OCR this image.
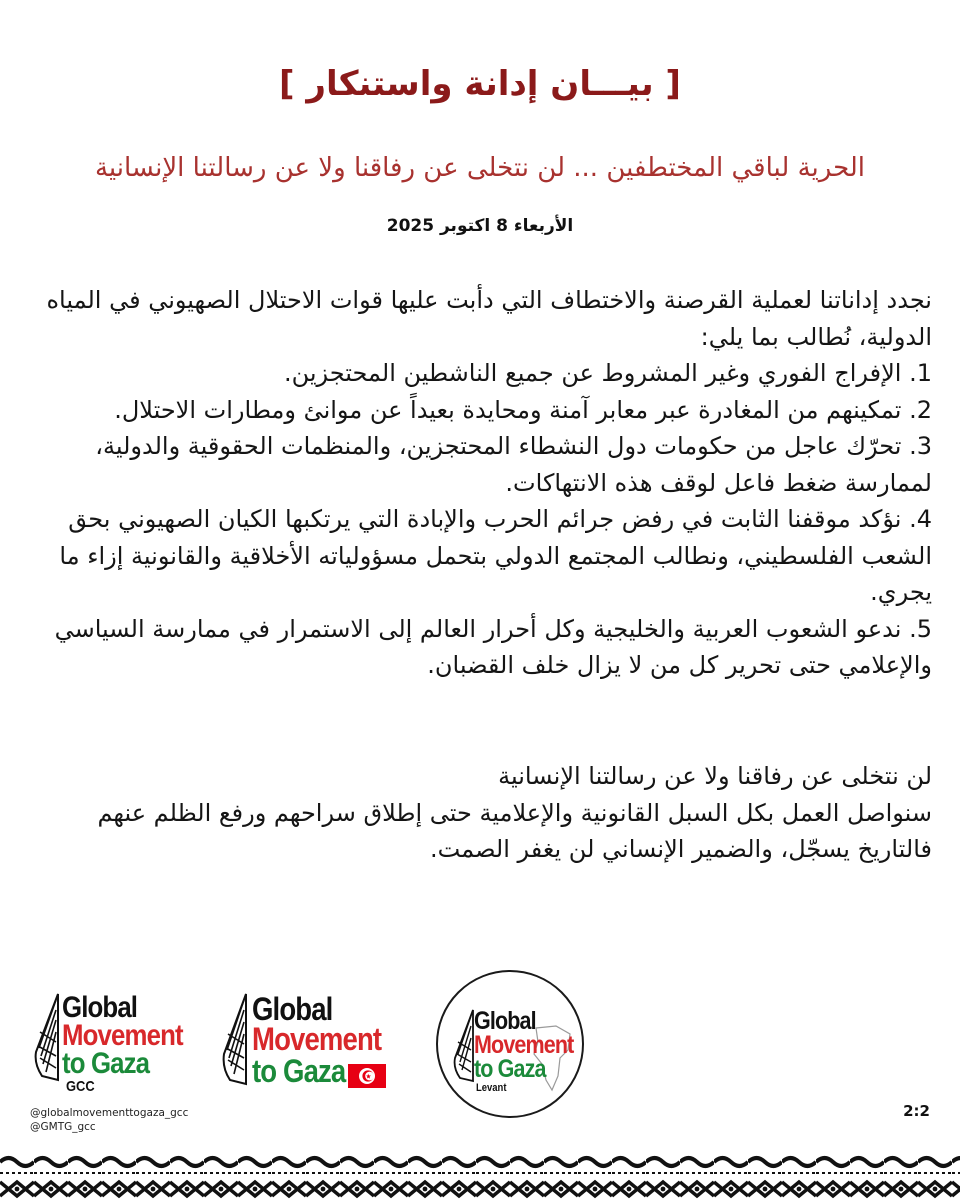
[ بيـــان إدانة واستنكار ]
الحرية لباقي المختطفين ... لن نتخلى عن رفاقنا ولا عن رسالتنا الإنسانية
الأربعاء 8 اكتوبر 2025

نجدد إداناتنا لعملية القرصنة والاختطاف التي دأبت عليها قوات الاحتلال الصهيوني في المياه الدولية، نُطالب بما يلي:

1. الإفراج الفوري وغير المشروط عن جميع الناشطين المحتجزين.

2. تمكينهم من المغادرة عبر معابر آمنة ومحايدة بعيداً عن موانئ ومطارات الاحتلال.

3. تحرّك عاجل من حكومات دول النشطاء المحتجزين، والمنظمات الحقوقية والدولية، لممارسة ضغط فاعل لوقف هذه الانتهاكات.

4. نؤكد موقفنا الثابت في رفض جرائم الحرب والإبادة التي يرتكبها الكيان الصهيوني بحق الشعب الفلسطيني، ونطالب المجتمع الدولي بتحمل مسؤولياته الأخلاقية والقانونية إزاء ما يجري.

5. ندعو الشعوب العربية والخليجية وكل أحرار العالم إلى الاستمرار في ممارسة السياسي والإعلامي حتى تحرير كل من لا يزال خلف القضبان.

لن نتخلى عن رفاقنا ولا عن رسالتنا الإنسانية

سنواصل العمل بكل السبل القانونية والإعلامية حتى إطلاق سراحهم ورفع الظلم عنهم

فالتاريخ يسجّل، والضمير الإنساني لن يغفر الصمت.

Global
Movement
to Gaza
GCC
Global
Movement
to Gaza
Global
Movement
to Gaza
Levant
@globalmovementtogaza_gcc
@GMTG_gcc
2:2
